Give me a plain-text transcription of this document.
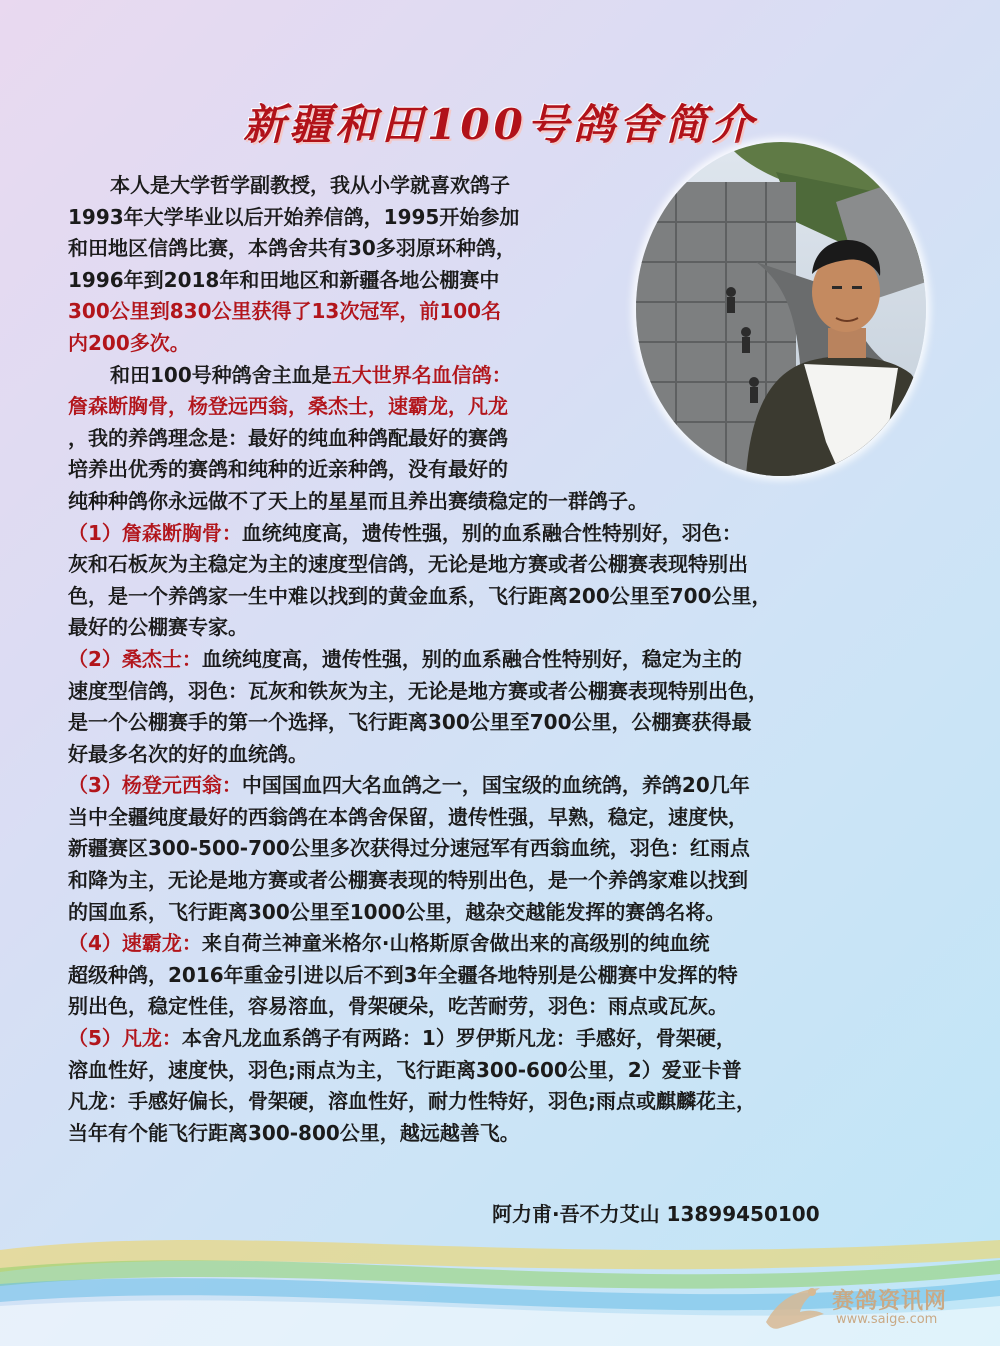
新疆和田100号鸽舍简介
本人是大学哲学副教授，我从小学就喜欢鸽子
1993年大学毕业以后开始养信鸽，1995开始参加
和田地区信鸽比赛，本鸽舍共有30多羽原环种鸽，
1996年到2018年和田地区和新疆各地公棚赛中
300公里到830公里获得了13次冠军，前100名
内200多次。
和田100号种鸽舍主血是五大世界名血信鸽：
詹森断胸骨，杨登远西翁，桑杰士，速霸龙，凡龙
，我的养鸽理念是：最好的纯血种鸽配最好的赛鸽
培养出优秀的赛鸽和纯种的近亲种鸽，没有最好的
纯种种鸽你永远做不了天上的星星而且养出赛绩稳定的一群鸽子。
（1）詹森断胸骨：血统纯度高，遗传性强，别的血系融合性特别好，羽色：
灰和石板灰为主稳定为主的速度型信鸽，无论是地方赛或者公棚赛表现特别出
色，是一个养鸽家一生中难以找到的黄金血系，飞行距离200公里至700公里，
最好的公棚赛专家。
（2）桑杰士：血统纯度高，遗传性强，别的血系融合性特别好，稳定为主的
速度型信鸽，羽色：瓦灰和铁灰为主，无论是地方赛或者公棚赛表现特别出色，
是一个公棚赛手的第一个选择，飞行距离300公里至700公里，公棚赛获得最
好最多名次的好的血统鸽。
（3）杨登元西翁：中国国血四大名血鸽之一，国宝级的血统鸽，养鸽20几年
当中全疆纯度最好的西翁鸽在本鸽舍保留，遗传性强，早熟，稳定，速度快，
新疆赛区300-500-700公里多次获得过分速冠军有西翁血统，羽色：红雨点
和降为主，无论是地方赛或者公棚赛表现的特别出色，是一个养鸽家难以找到
的国血系，飞行距离300公里至1000公里，越杂交越能发挥的赛鸽名将。
（4）速霸龙：来自荷兰神童米格尔·山格斯原舍做出来的高级别的纯血统
超级种鸽，2016年重金引进以后不到3年全疆各地特别是公棚赛中发挥的特
别出色，稳定性佳，容易溶血，骨架硬朵，吃苦耐劳，羽色：雨点或瓦灰。
（5）凡龙：本舍凡龙血系鸽子有两路：1）罗伊斯凡龙：手感好，骨架硬，
溶血性好，速度快，羽色;雨点为主，飞行距离300-600公里，2）爱亚卡普
凡龙：手感好偏长，骨架硬，溶血性好，耐力性特好，羽色;雨点或麒麟花主，
当年有个能飞行距离300-800公里，越远越善飞。
阿力甫·吾不力艾山 13899450100
赛鸽资讯网
www.saige.com
